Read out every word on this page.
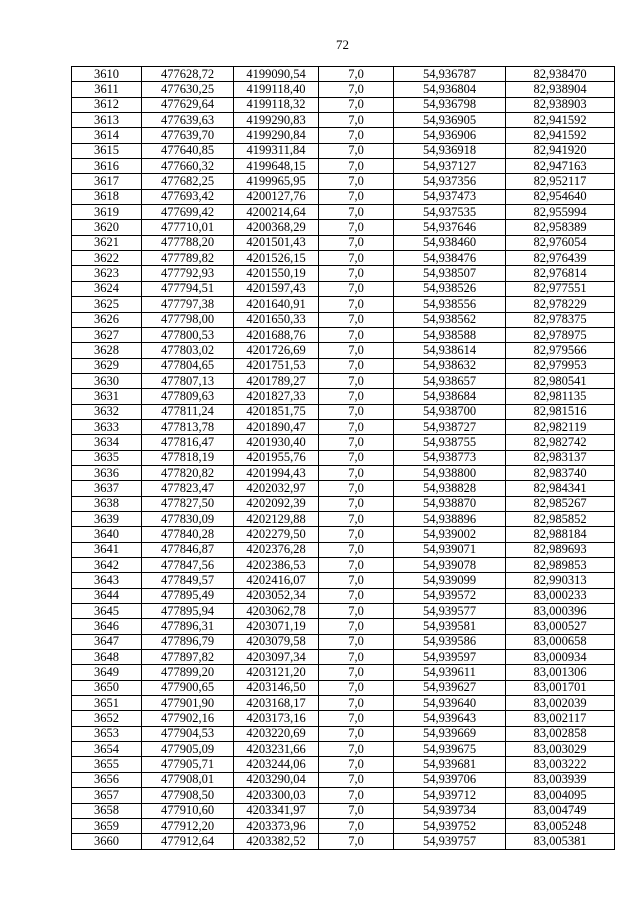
72
3610	477628,72	4199090,54	7,0	54,936787	82,938470
3611	477630,25	4199118,40	7,0	54,936804	82,938904
3612	477629,64	4199118,32	7,0	54,936798	82,938903
3613	477639,63	4199290,83	7,0	54,936905	82,941592
3614	477639,70	4199290,84	7,0	54,936906	82,941592
3615	477640,85	4199311,84	7,0	54,936918	82,941920
3616	477660,32	4199648,15	7,0	54,937127	82,947163
3617	477682,25	4199965,95	7,0	54,937356	82,952117
3618	477693,42	4200127,76	7,0	54,937473	82,954640
3619	477699,42	4200214,64	7,0	54,937535	82,955994
3620	477710,01	4200368,29	7,0	54,937646	82,958389
3621	477788,20	4201501,43	7,0	54,938460	82,976054
3622	477789,82	4201526,15	7,0	54,938476	82,976439
3623	477792,93	4201550,19	7,0	54,938507	82,976814
3624	477794,51	4201597,43	7,0	54,938526	82,977551
3625	477797,38	4201640,91	7,0	54,938556	82,978229
3626	477798,00	4201650,33	7,0	54,938562	82,978375
3627	477800,53	4201688,76	7,0	54,938588	82,978975
3628	477803,02	4201726,69	7,0	54,938614	82,979566
3629	477804,65	4201751,53	7,0	54,938632	82,979953
3630	477807,13	4201789,27	7,0	54,938657	82,980541
3631	477809,63	4201827,33	7,0	54,938684	82,981135
3632	477811,24	4201851,75	7,0	54,938700	82,981516
3633	477813,78	4201890,47	7,0	54,938727	82,982119
3634	477816,47	4201930,40	7,0	54,938755	82,982742
3635	477818,19	4201955,76	7,0	54,938773	82,983137
3636	477820,82	4201994,43	7,0	54,938800	82,983740
3637	477823,47	4202032,97	7,0	54,938828	82,984341
3638	477827,50	4202092,39	7,0	54,938870	82,985267
3639	477830,09	4202129,88	7,0	54,938896	82,985852
3640	477840,28	4202279,50	7,0	54,939002	82,988184
3641	477846,87	4202376,28	7,0	54,939071	82,989693
3642	477847,56	4202386,53	7,0	54,939078	82,989853
3643	477849,57	4202416,07	7,0	54,939099	82,990313
3644	477895,49	4203052,34	7,0	54,939572	83,000233
3645	477895,94	4203062,78	7,0	54,939577	83,000396
3646	477896,31	4203071,19	7,0	54,939581	83,000527
3647	477896,79	4203079,58	7,0	54,939586	83,000658
3648	477897,82	4203097,34	7,0	54,939597	83,000934
3649	477899,20	4203121,20	7,0	54,939611	83,001306
3650	477900,65	4203146,50	7,0	54,939627	83,001701
3651	477901,90	4203168,17	7,0	54,939640	83,002039
3652	477902,16	4203173,16	7,0	54,939643	83,002117
3653	477904,53	4203220,69	7,0	54,939669	83,002858
3654	477905,09	4203231,66	7,0	54,939675	83,003029
3655	477905,71	4203244,06	7,0	54,939681	83,003222
3656	477908,01	4203290,04	7,0	54,939706	83,003939
3657	477908,50	4203300,03	7,0	54,939712	83,004095
3658	477910,60	4203341,97	7,0	54,939734	83,004749
3659	477912,20	4203373,96	7,0	54,939752	83,005248
3660	477912,64	4203382,52	7,0	54,939757	83,005381
